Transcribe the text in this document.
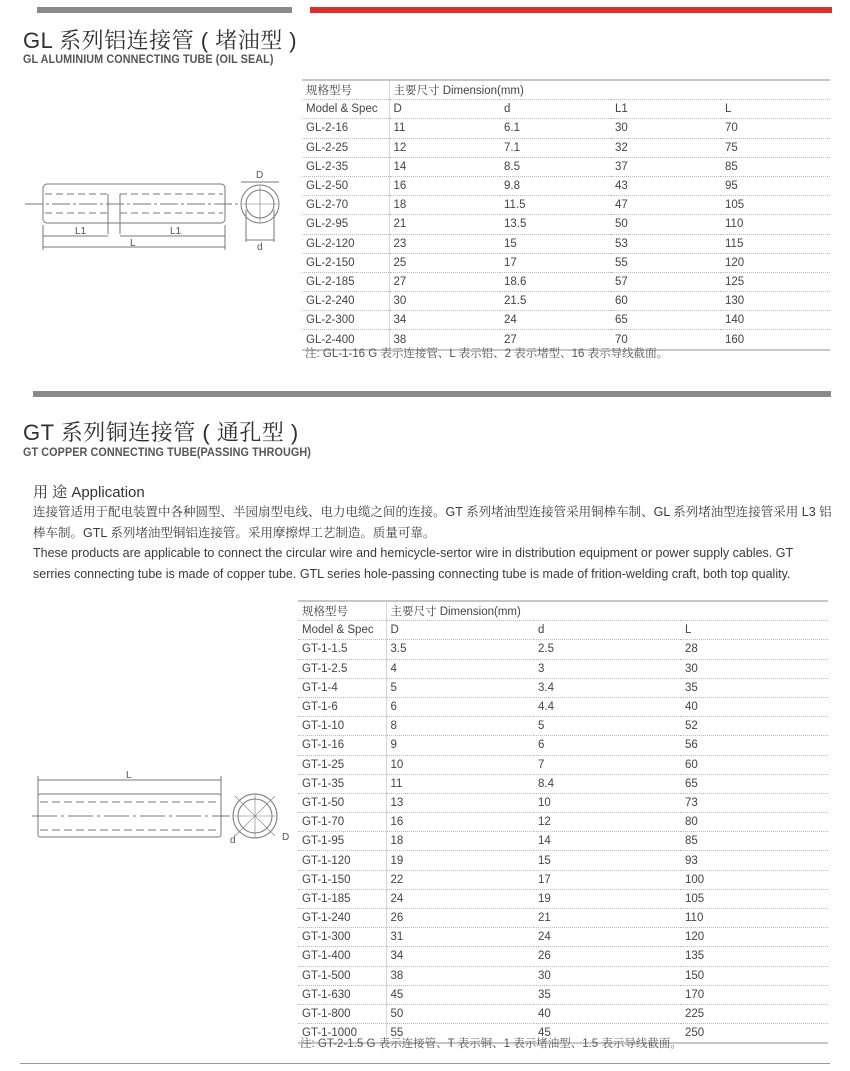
GL 系列铝连接管 ( 堵油型 )
GL ALUMINIUM CONNECTING TUBE (OIL SEAL)
L1	L1
L
D
d
规格型号	主要尺寸 Dimension(mm)			
Model & Spec	D	d	L1	L
GL-2-16	11	6.1	30	70
GL-2-25	12	7.1	32	75
GL-2-35	14	8.5	37	85
GL-2-50	16	9.8	43	95
GL-2-70	18	11.5	47	105
GL-2-95	21	13.5	50	110
GL-2-120	23	15	53	115
GL-2-150	25	17	55	120
GL-2-185	27	18.6	57	125
GL-2-240	30	21.5	60	130
GL-2-300	34	24	65	140
GL-2-400	38	27	70	160
注: GL-1-16 G 表示连接管、L 表示铝、2 表示堵型、16 表示导线截面。
GT 系列铜连接管 ( 通孔型 )
GT COPPER CONNECTING TUBE(PASSING THROUGH)
用 途 Application
连接管适用于配电装置中各种圆型、半园扇型电线、电力电缆之间的连接。GT 系列堵油型连接管采用铜棒车制、GL 系列堵油型连接管采用 L3 铝棒车制。GTL 系列堵油型铜铝连接管。采用摩擦焊工艺制造。质量可靠。
These products are applicable to connect the circular wire and hemicycle-sertor wire in distribution equipment or power supply cables. GT serries connecting tube is made of copper tube. GTL series hole-passing connecting tube is made of frition-welding craft, both top quality.
L
d	D
规格型号	主要尺寸 Dimension(mm)		
Model & Spec	D	d	L
GT-1-1.5	3.5	2.5	28
GT-1-2.5	4	3	30
GT-1-4	5	3.4	35
GT-1-6	6	4.4	40
GT-1-10	8	5	52
GT-1-16	9	6	56
GT-1-25	10	7	60
GT-1-35	11	8.4	65
GT-1-50	13	10	73
GT-1-70	16	12	80
GT-1-95	18	14	85
GT-1-120	19	15	93
GT-1-150	22	17	100
GT-1-185	24	19	105
GT-1-240	26	21	110
GT-1-300	31	24	120
GT-1-400	34	26	135
GT-1-500	38	30	150
GT-1-630	45	35	170
GT-1-800	50	40	225
GT-1-1000	55	45	250
注: GT-2-1.5 G 表示连接管、T 表示铜、1 表示堵油型、1.5 表示导线截面。
